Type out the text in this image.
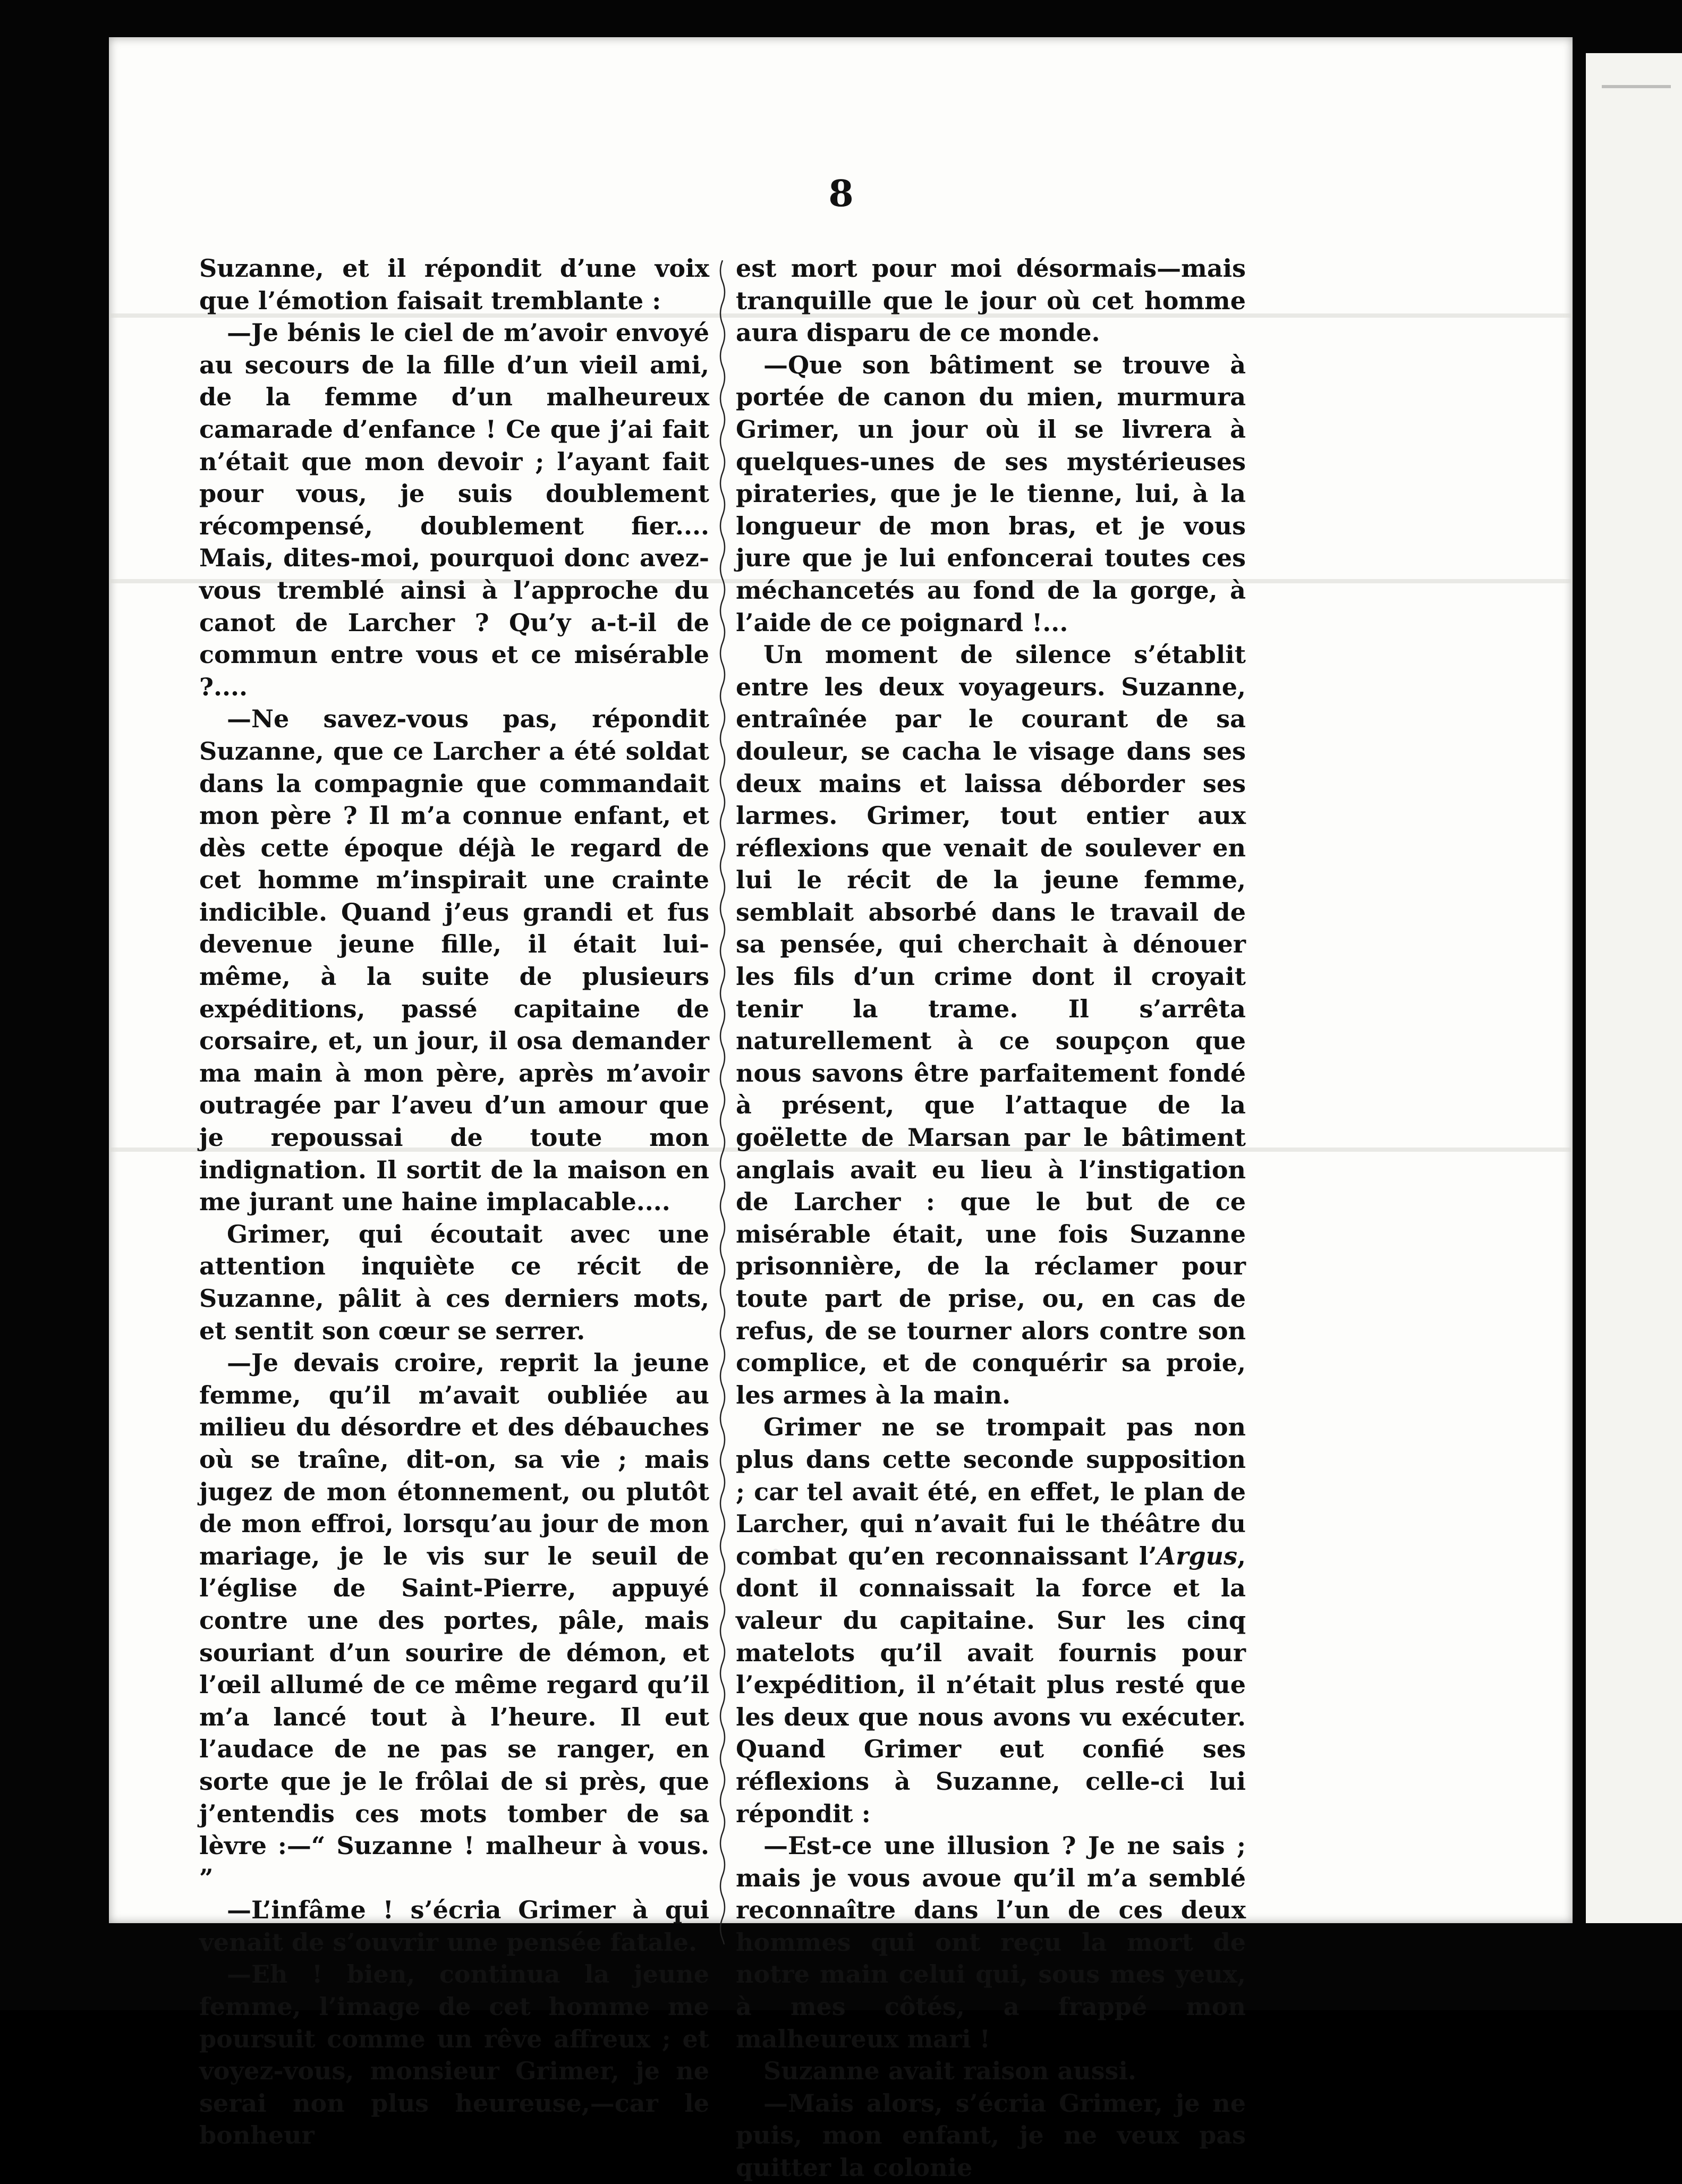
8

Suzanne, et il répondit d’une voix que l’émotion faisait tremblante :

—Je bénis le ciel de m’avoir envoyé au secours de la fille d’un vieil ami, de la femme d’un malheureux camarade d’enfance ! Ce que j’ai fait n’était que mon devoir ; l’ayant fait pour vous, je suis doublement récompensé, doublement fier.... Mais, dites-moi, pourquoi donc avez-vous tremblé ainsi à l’approche du canot de Larcher ? Qu’y a-t-il de commun entre vous et ce misérable ?....

—Ne savez-vous pas, répondit Suzanne, que ce Larcher a été soldat dans la compagnie que commandait mon père ? Il m’a connue enfant, et dès cette époque déjà le regard de cet homme m’inspirait une crainte indicible. Quand j’eus grandi et fus devenue jeune fille, il était lui-même, à la suite de plusieurs expéditions, passé capitaine de corsaire, et, un jour, il osa demander ma main à mon père, après m’avoir outragée par l’aveu d’un amour que je repoussai de toute mon indignation. Il sortit de la maison en me jurant une haine implacable....

Grimer, qui écoutait avec une attention inquiète ce récit de Suzanne, pâlit à ces derniers mots, et sentit son cœur se serrer.

—Je devais croire, reprit la jeune femme, qu’il m’avait oubliée au milieu du désordre et des débauches où se traîne, dit-on, sa vie ; mais jugez de mon étonnement, ou plutôt de mon effroi, lorsqu’au jour de mon mariage, je le vis sur le seuil de l’église de Saint-Pierre, appuyé contre une des portes, pâle, mais souriant d’un sourire de démon, et l’œil allumé de ce même regard qu’il m’a lancé tout à l’heure. Il eut l’audace de ne pas se ranger, en sorte que je le frôlai de si près, que j’entendis ces mots tomber de sa lèvre :—“ Suzanne ! malheur à vous. ”

—L’infâme ! s’écria Grimer à qui venait de s’ouvrir une pensée fatale.

—Eh ! bien, continua la jeune femme, l’image de cet homme me poursuit comme un rêve affreux ; et voyez-vous, monsieur Grimer, je ne serai non plus heureuse,—car le bonheur

est mort pour moi désormais—mais tranquille que le jour où cet homme aura disparu de ce monde.

—Que son bâtiment se trouve à portée de canon du mien, murmura Grimer, un jour où il se livrera à quelques-unes de ses mystérieuses pirateries, que je le tienne, lui, à la longueur de mon bras, et je vous jure que je lui enfoncerai toutes ces méchancetés au fond de la gorge, à l’aide de ce poignard !...

Un moment de silence s’établit entre les deux voyageurs. Suzanne, entraînée par le courant de sa douleur, se cacha le visage dans ses deux mains et laissa déborder ses larmes. Grimer, tout entier aux réflexions que venait de soulever en lui le récit de la jeune femme, semblait absorbé dans le travail de sa pensée, qui cherchait à dénouer les fils d’un crime dont il croyait tenir la trame. Il s’arrêta naturellement à ce soupçon que nous savons être parfaitement fondé à présent, que l’attaque de la goëlette de Marsan par le bâtiment anglais avait eu lieu à l’instigation de Larcher : que le but de ce misérable était, une fois Suzanne prisonnière, de la réclamer pour toute part de prise, ou, en cas de refus, de se tourner alors contre son complice, et de conquérir sa proie, les armes à la main.

Grimer ne se trompait pas non plus dans cette seconde supposition ; car tel avait été, en effet, le plan de Larcher, qui n’avait fui le théâtre du combat qu’en reconnaissant l’Argus, dont il connaissait la force et la valeur du capitaine. Sur les cinq matelots qu’il avait fournis pour l’expédition, il n’était plus resté que les deux que nous avons vu exécuter. Quand Grimer eut confié ses réflexions à Suzanne, celle-ci lui répondit :

—Est-ce une illusion ? Je ne sais ; mais je vous avoue qu’il m’a semblé reconnaître dans l’un de ces deux hommes qui ont reçu la mort de notre main celui qui, sous mes yeux, à mes côtés, a frappé mon malheureux mari !

Suzanne avait raison aussi.

—Mais alors, s’écria Grimer, je ne puis, mon enfant, je ne veux pas quitter la colonie
